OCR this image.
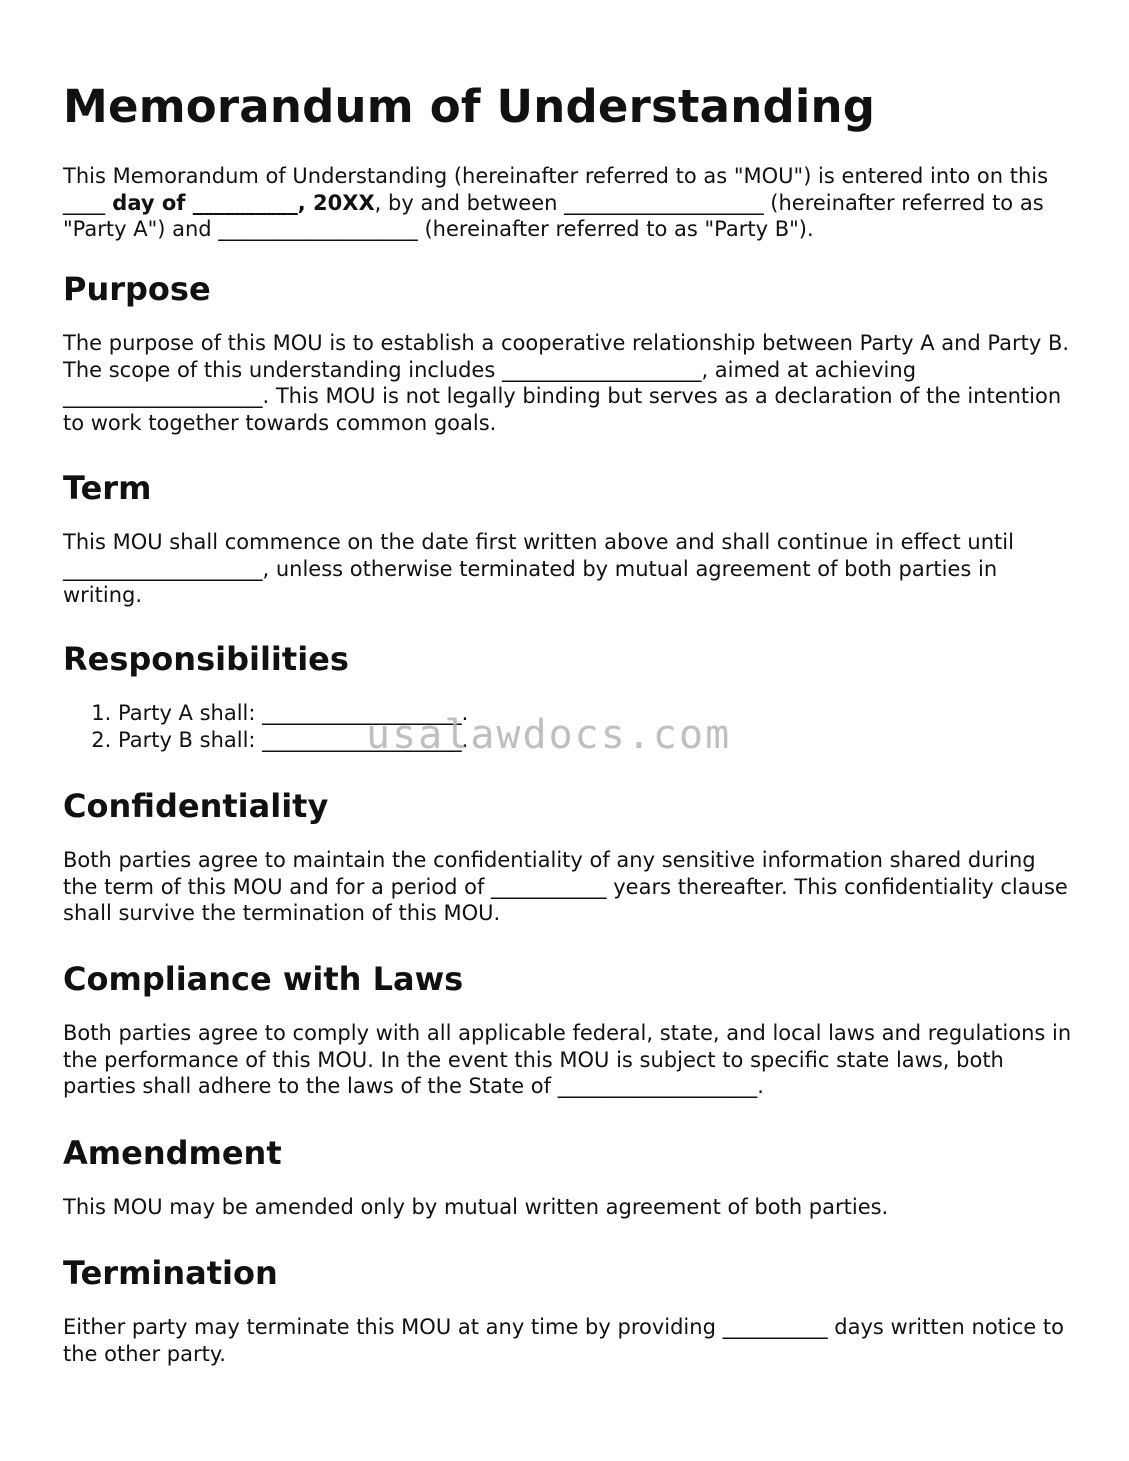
Memorandum of Understanding

This Memorandum of Understanding (hereinafter referred to as "MOU") is entered into on this ____ day of __________, 20XX, by and between ___________________ (hereinafter referred to as "Party A") and ___________________ (hereinafter referred to as "Party B").

Purpose

The purpose of this MOU is to establish a cooperative relationship between Party A and Party B. The scope of this understanding includes ___________________, aimed at achieving ___________________. This MOU is not legally binding but serves as a declaration of the intention to work together towards common goals.

Term

This MOU shall commence on the date first written above and shall continue in effect until ___________________, unless otherwise terminated by mutual agreement of both parties in writing.

Responsibilities
1. Party A shall: ___________________.
2. Party B shall: ___________________.
Confidentiality

Both parties agree to maintain the confidentiality of any sensitive information shared during the term of this MOU and for a period of ___________ years thereafter. This confidentiality clause shall survive the termination of this MOU.

Compliance with Laws

Both parties agree to comply with all applicable federal, state, and local laws and regulations in the performance of this MOU. In the event this MOU is subject to specific state laws, both parties shall adhere to the laws of the State of ___________________.

Amendment

This MOU may be amended only by mutual written agreement of both parties.

Termination

Either party may terminate this MOU at any time by providing __________ days written notice to the other party.

usalawdocs.com
